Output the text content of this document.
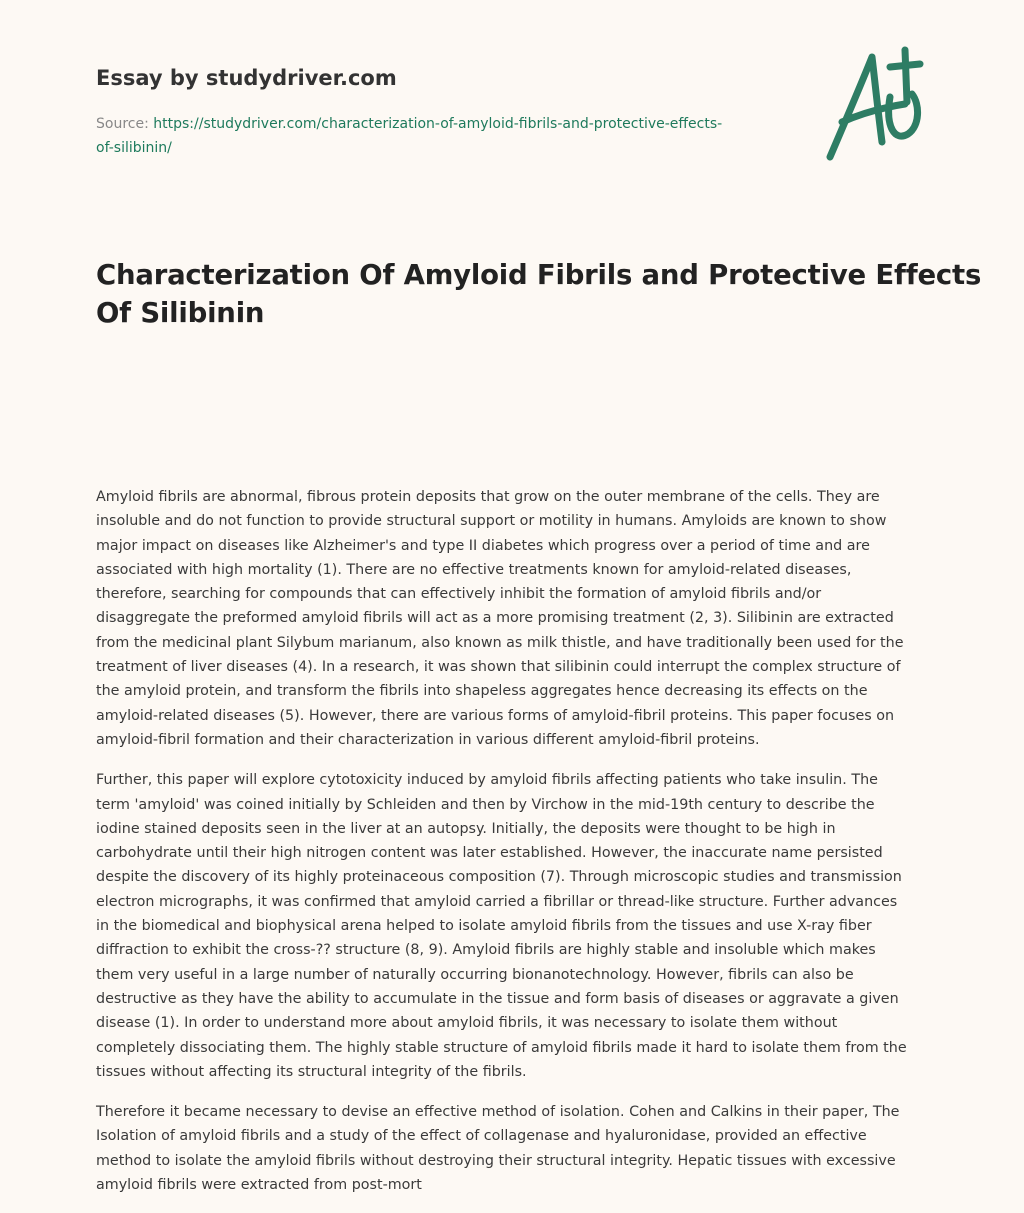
Essay by studydriver.com
Source: https://studydriver.com/characterization-of-amyloid-fibrils-and-protective-effects-
of-silibinin/
Characterization Of Amyloid Fibrils and Protective Effects
Of Silibinin

Amyloid fibrils are abnormal, fibrous protein deposits that grow on the outer membrane of the cells. They are
insoluble and do not function to provide structural support or motility in humans. Amyloids are known to show
major impact on diseases like Alzheimer's and type II diabetes which progress over a period of time and are
associated with high mortality (1). There are no effective treatments known for amyloid-related diseases,
therefore, searching for compounds that can effectively inhibit the formation of amyloid fibrils and/or
disaggregate the preformed amyloid fibrils will act as a more promising treatment (2, 3). Silibinin are extracted
from the medicinal plant Silybum marianum, also known as milk thistle, and have traditionally been used for the
treatment of liver diseases (4). In a research, it was shown that silibinin could interrupt the complex structure of
the amyloid protein, and transform the fibrils into shapeless aggregates hence decreasing its effects on the
amyloid-related diseases (5). However, there are various forms of amyloid-fibril proteins. This paper focuses on
amyloid-fibril formation and their characterization in various different amyloid-fibril proteins.

Further, this paper will explore cytotoxicity induced by amyloid fibrils affecting patients who take insulin. The
term 'amyloid' was coined initially by Schleiden and then by Virchow in the mid-19th century to describe the
iodine stained deposits seen in the liver at an autopsy. Initially, the deposits were thought to be high in
carbohydrate until their high nitrogen content was later established. However, the inaccurate name persisted
despite the discovery of its highly proteinaceous composition (7). Through microscopic studies and transmission
electron micrographs, it was confirmed that amyloid carried a fibrillar or thread-like structure. Further advances
in the biomedical and biophysical arena helped to isolate amyloid fibrils from the tissues and use X-ray fiber
diffraction to exhibit the cross-?? structure (8, 9). Amyloid fibrils are highly stable and insoluble which makes
them very useful in a large number of naturally occurring bionanotechnology. However, fibrils can also be
destructive as they have the ability to accumulate in the tissue and form basis of diseases or aggravate a given
disease (1). In order to understand more about amyloid fibrils, it was necessary to isolate them without
completely dissociating them. The highly stable structure of amyloid fibrils made it hard to isolate them from the
tissues without affecting its structural integrity of the fibrils.

Therefore it became necessary to devise an effective method of isolation. Cohen and Calkins in their paper, The
Isolation of amyloid fibrils and a study of the effect of collagenase and hyaluronidase, provided an effective
method to isolate the amyloid fibrils without destroying their structural integrity. Hepatic tissues with excessive
amyloid fibrils were extracted from post-mort
